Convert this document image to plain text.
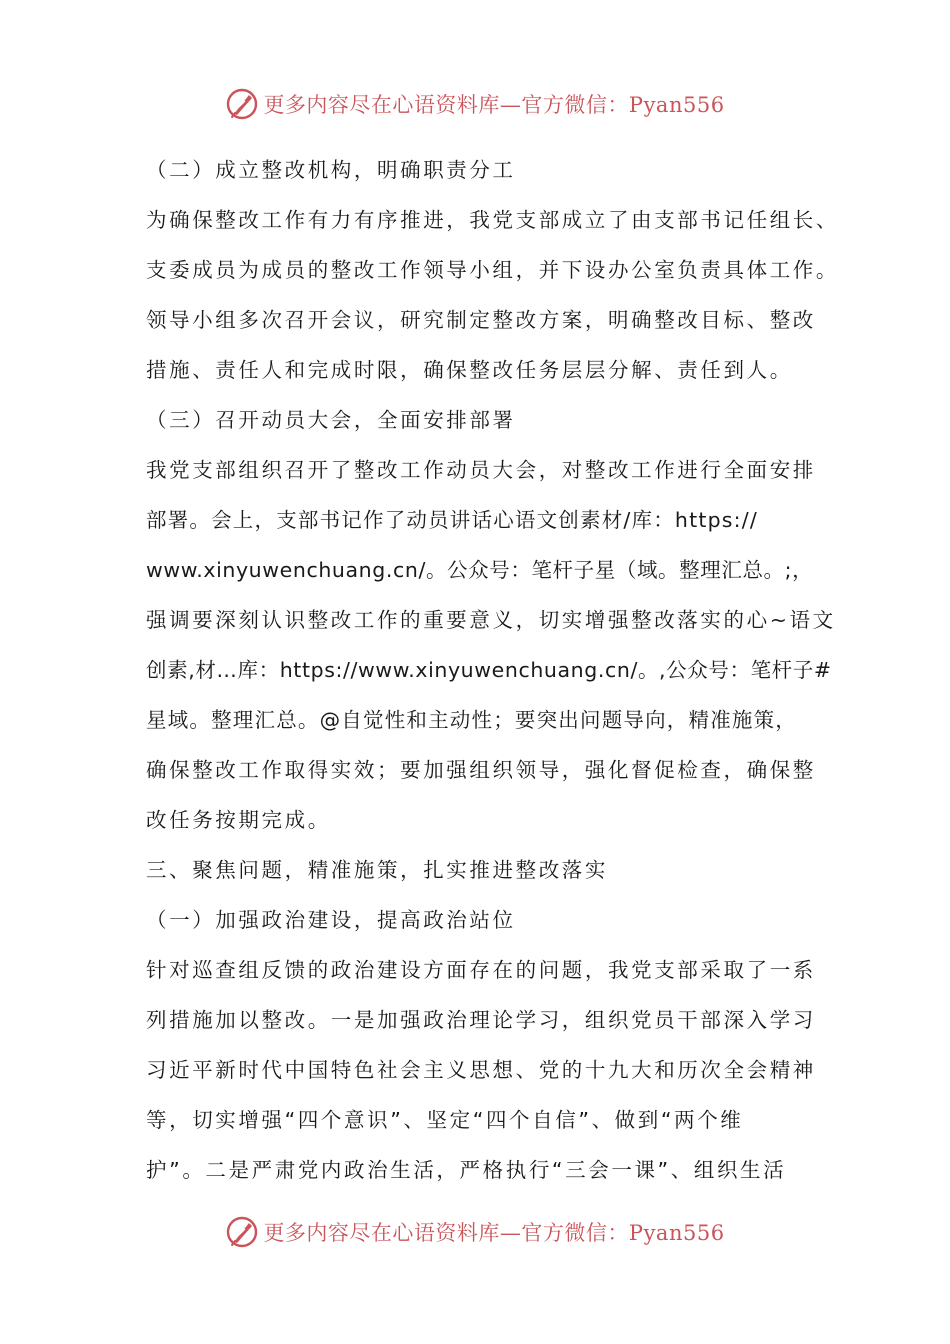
更多内容尽在心语资料库—官方微信：Pyan556
（二）成立整改机构，明确职责分工
为确保整改工作有力有序推进，我党支部成立了由支部书记任组长、
支委成员为成员的整改工作领导小组，并下设办公室负责具体工作。
领导小组多次召开会议，研究制定整改方案，明确整改目标、整改
措施、责任人和完成时限，确保整改任务层层分解、责任到人。
（三）召开动员大会，全面安排部署
我党支部组织召开了整改工作动员大会，对整改工作进行全面安排
部署。会上，支部书记作了动员讲话心语文创素材/库：https://
www.xinyuwenchuang.cn/。公众号：笔杆子星（域。整理汇总。;，
强调要深刻认识整改工作的重要意义，切实增强整改落实的心~语文
创素,材…库：https://www.xinyuwenchuang.cn/。,公众号：笔杆子#
星域。整理汇总。@自觉性和主动性；要突出问题导向，精准施策，
确保整改工作取得实效；要加强组织领导，强化督促检查，确保整
改任务按期完成。
三、聚焦问题，精准施策，扎实推进整改落实
（一）加强政治建设，提高政治站位
针对巡查组反馈的政治建设方面存在的问题，我党支部采取了一系
列措施加以整改。一是加强政治理论学习，组织党员干部深入学习
习近平新时代中国特色社会主义思想、党的十九大和历次全会精神
等，切实增强“四个意识”、坚定“四个自信”、做到“两个维
护”。二是严肃党内政治生活，严格执行“三会一课”、组织生活
更多内容尽在心语资料库—官方微信：Pyan556
